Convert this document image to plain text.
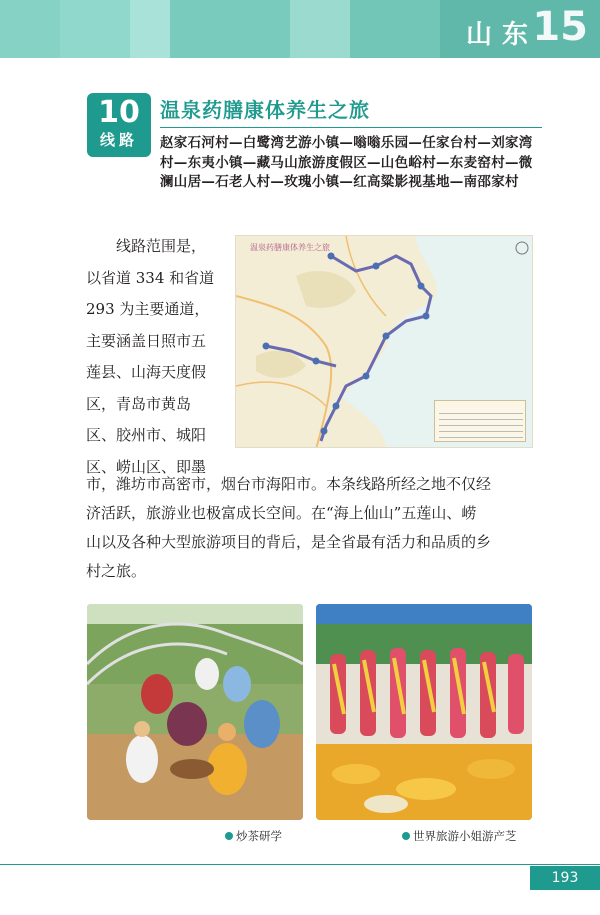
山东
15
10
线路
温泉药膳康体养生之旅
赵家石河村—白鹭湾艺游小镇—嗡嗡乐园—任家台村—刘家湾村—东夷小镇—藏马山旅游度假区—山色峪村—东麦窑村—微澜山居—石老人村—玫瑰小镇—红高粱影视基地—南邵家村
线路范围是，
以省道 334 和省道
293 为主要通道，
主要涵盖日照市五
莲县、山海天度假
区，青岛市黄岛
区、胶州市、城阳
区、崂山区、即墨
温泉药膳康体养生之旅
市，潍坊市高密市，烟台市海阳市。本条线路所经之地不仅经
济活跃，旅游业也极富成长空间。在“海上仙山”五莲山、崂
山以及各种大型旅游项目的背后，是全省最有活力和品质的乡
村之旅。
炒茶研学	世界旅游小姐游产芝
193
